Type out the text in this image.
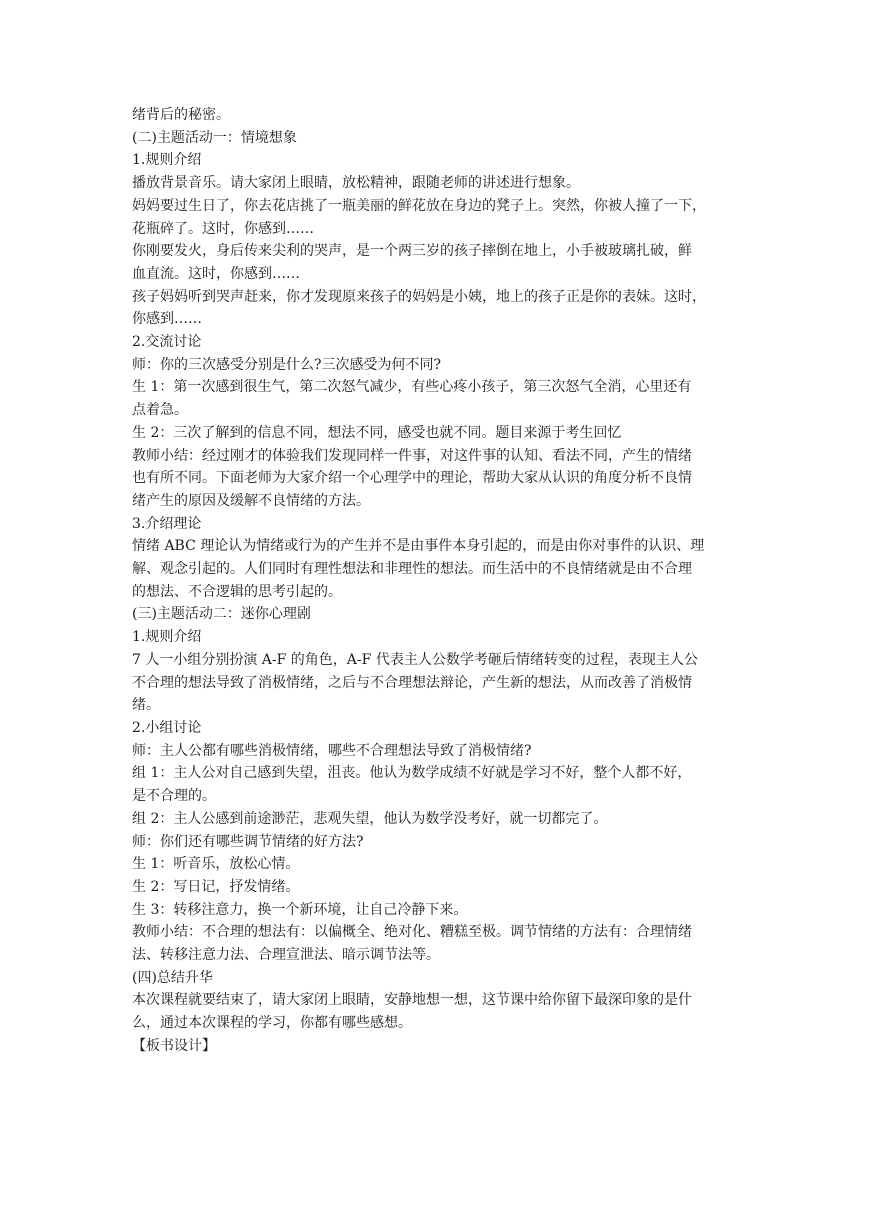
绪背后的秘密。

(二)主题活动一：情境想象

1.规则介绍

播放背景音乐。请大家闭上眼睛，放松精神，跟随老师的讲述进行想象。

妈妈要过生日了，你去花店挑了一瓶美丽的鲜花放在身边的凳子上。突然，你被人撞了一下，

花瓶碎了。这时，你感到……

你刚要发火，身后传来尖利的哭声，是一个两三岁的孩子摔倒在地上，小手被玻璃扎破，鲜

血直流。这时，你感到……

孩子妈妈听到哭声赶来，你才发现原来孩子的妈妈是小姨，地上的孩子正是你的表妹。这时，

你感到……

2.交流讨论

师：你的三次感受分别是什么?三次感受为何不同?

生 1：第一次感到很生气，第二次怒气减少，有些心疼小孩子，第三次怒气全消，心里还有

点着急。

生 2：三次了解到的信息不同，想法不同，感受也就不同。题目来源于考生回忆

教师小结：经过刚才的体验我们发现同样一件事，对这件事的认知、看法不同，产生的情绪

也有所不同。下面老师为大家介绍一个心理学中的理论，帮助大家从认识的角度分析不良情

绪产生的原因及缓解不良情绪的方法。

3.介绍理论

情绪 ABC 理论认为情绪或行为的产生并不是由事件本身引起的，而是由你对事件的认识、理

解、观念引起的。人们同时有理性想法和非理性的想法。而生活中的不良情绪就是由不合理

的想法、不合逻辑的思考引起的。

(三)主题活动二：迷你心理剧

1.规则介绍

7 人一小组分别扮演 A-F 的角色，A-F 代表主人公数学考砸后情绪转变的过程，表现主人公

不合理的想法导致了消极情绪，之后与不合理想法辩论，产生新的想法，从而改善了消极情

绪。

2.小组讨论

师：主人公都有哪些消极情绪，哪些不合理想法导致了消极情绪?

组 1：主人公对自己感到失望，沮丧。他认为数学成绩不好就是学习不好，整个人都不好，

是不合理的。

组 2：主人公感到前途渺茫，悲观失望，他认为数学没考好，就一切都完了。

师：你们还有哪些调节情绪的好方法?

生 1：听音乐，放松心情。

生 2：写日记，抒发情绪。

生 3：转移注意力，换一个新环境，让自己冷静下来。

教师小结：不合理的想法有：以偏概全、绝对化、糟糕至极。调节情绪的方法有：合理情绪

法、转移注意力法、合理宣泄法、暗示调节法等。

(四)总结升华

本次课程就要结束了，请大家闭上眼睛，安静地想一想，这节课中给你留下最深印象的是什

么，通过本次课程的学习，你都有哪些感想。

【板书设计】
